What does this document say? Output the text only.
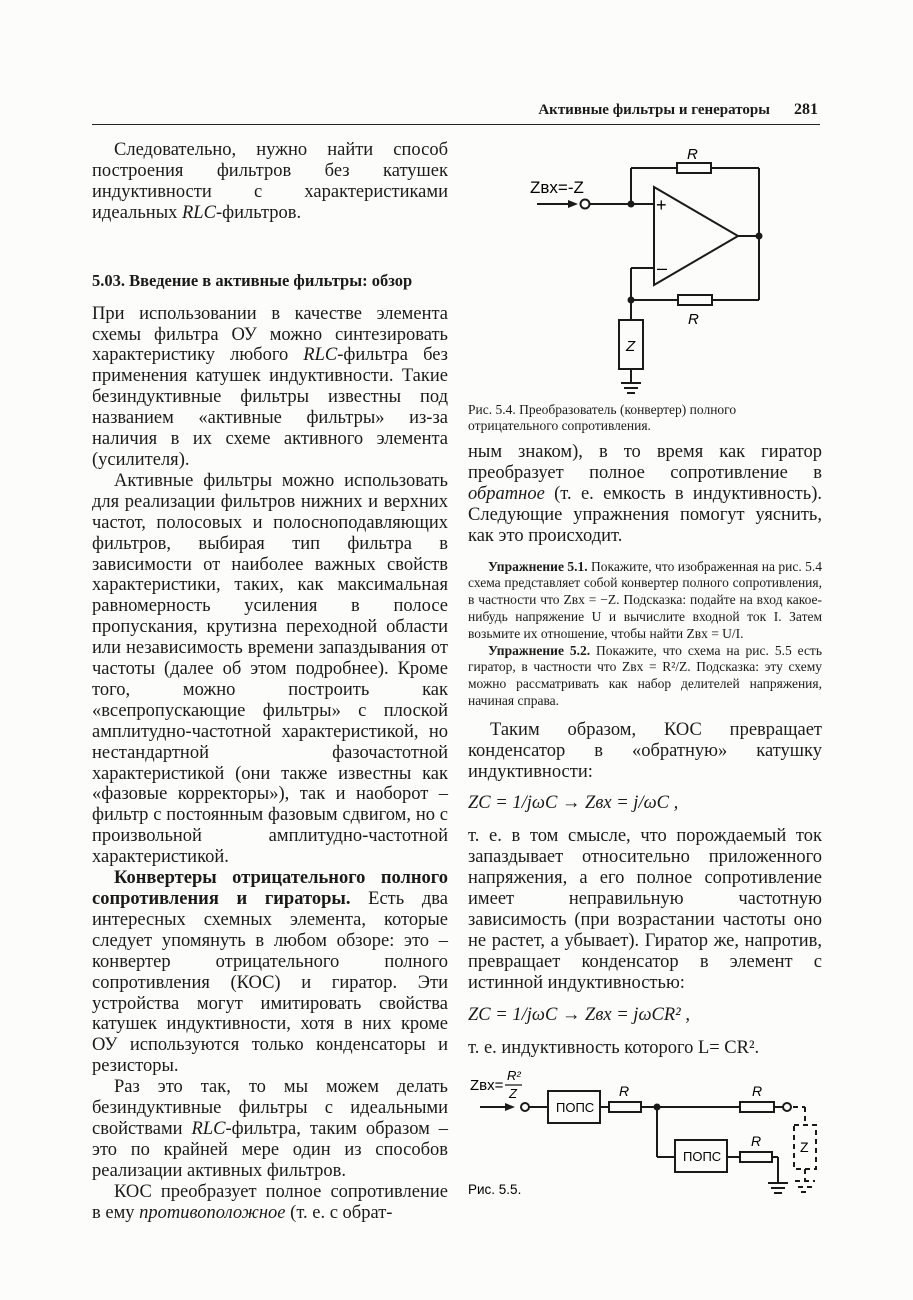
Активные фильтры и генераторы 281

Следовательно, нужно найти способ построения фильтров без катушек индуктивности с характеристиками идеальных RLC-фильтров.

5.03. Введение в активные фильтры: обзор

При использовании в качестве элемента схемы фильтра ОУ можно синтезировать характеристику любого RLC-фильтра без применения катушек индуктивности. Такие безиндуктивные фильтры известны под названием «активные фильтры» из-за наличия в их схеме активного элемента (усилителя).

Активные фильтры можно использовать для реализации фильтров нижних и верхних частот, полосовых и полоснoподавляющих фильтров, выбирая тип фильтра в зависимости от наиболее важных свойств характеристики, таких, как максимальная равномерность усиления в полосе пропускания, крутизна переходной области или независимость времени запаздывания от частоты (далее об этом подробнее). Кроме того, можно построить как «всепропускающие фильтры» с плоской амплитудно-частотной характеристикой, но нестандартной фазочастотной характеристикой (они также известны как «фазовые корректоры»), так и наоборот – фильтр с постоянным фазовым сдвигом, но с произвольной амплитудно-частотной характеристикой.

Конвертеры отрицательного полного сопротивления и гираторы. Есть два интересных схемных элемента, которые следует упомянуть в любом обзоре: это – конвертер отрицательного полного сопротивления (КОС) и гиратор. Эти устройства могут имитировать свойства катушек индуктивности, хотя в них кроме ОУ используются только конденсаторы и резисторы.

Раз это так, то мы можем делать безиндуктивные фильтры с идеальными свойствами RLC-фильтра, таким образом – это по крайней мере один из способов реализации активных фильтров.

КОС преобразует полное сопротивление в ему противоположное (т. е. с обрат-

Zвх=-Z
R
R
Z
+
–
Рис. 5.4. Преобразователь (конвертер) полного отрицательного сопротивления.

ным знаком), в то время как гиратор преобразует полное сопротивление в обратное (т. е. емкость в индуктивность). Следующие упражнения помогут уяснить, как это происходит.

Упражнение 5.1. Покажите, что изображенная на рис. 5.4 схема представляет собой конвертер полного сопротивления, в частности что Zвх = −Z. Подсказка: подайте на вход какое-нибудь напряжение U и вычислите входной ток I. Затем возьмите их отношение, чтобы найти Zвх = U/I.
Упражнение 5.2. Покажите, что схема на рис. 5.5 есть гиратор, в частности что Zвх = R²/Z. Подсказка: эту схему можно рассматривать как набор делителей напряжения, начиная справа.

Таким образом, КОС превращает конденсатор в «обратную» катушку индуктивности:

ZC = 1/jωC → Zвх = j/ωC ,

т. е. в том смысле, что порождаемый ток запаздывает относительно приложенного напряжения, а его полное сопротивление имеет неправильную частотную зависимость (при возрастании частоты оно не растет, а убывает). Гиратор же, напротив, превращает конденсатор в элемент с истинной индуктивностью:

ZC = 1/jωC → Zвх = jωCR² ,

т. е. индуктивность которого L= CR².

Zвх=
R²
Z
ПОПС
ПОПС
R	R
R	Z
Рис. 5.5.
